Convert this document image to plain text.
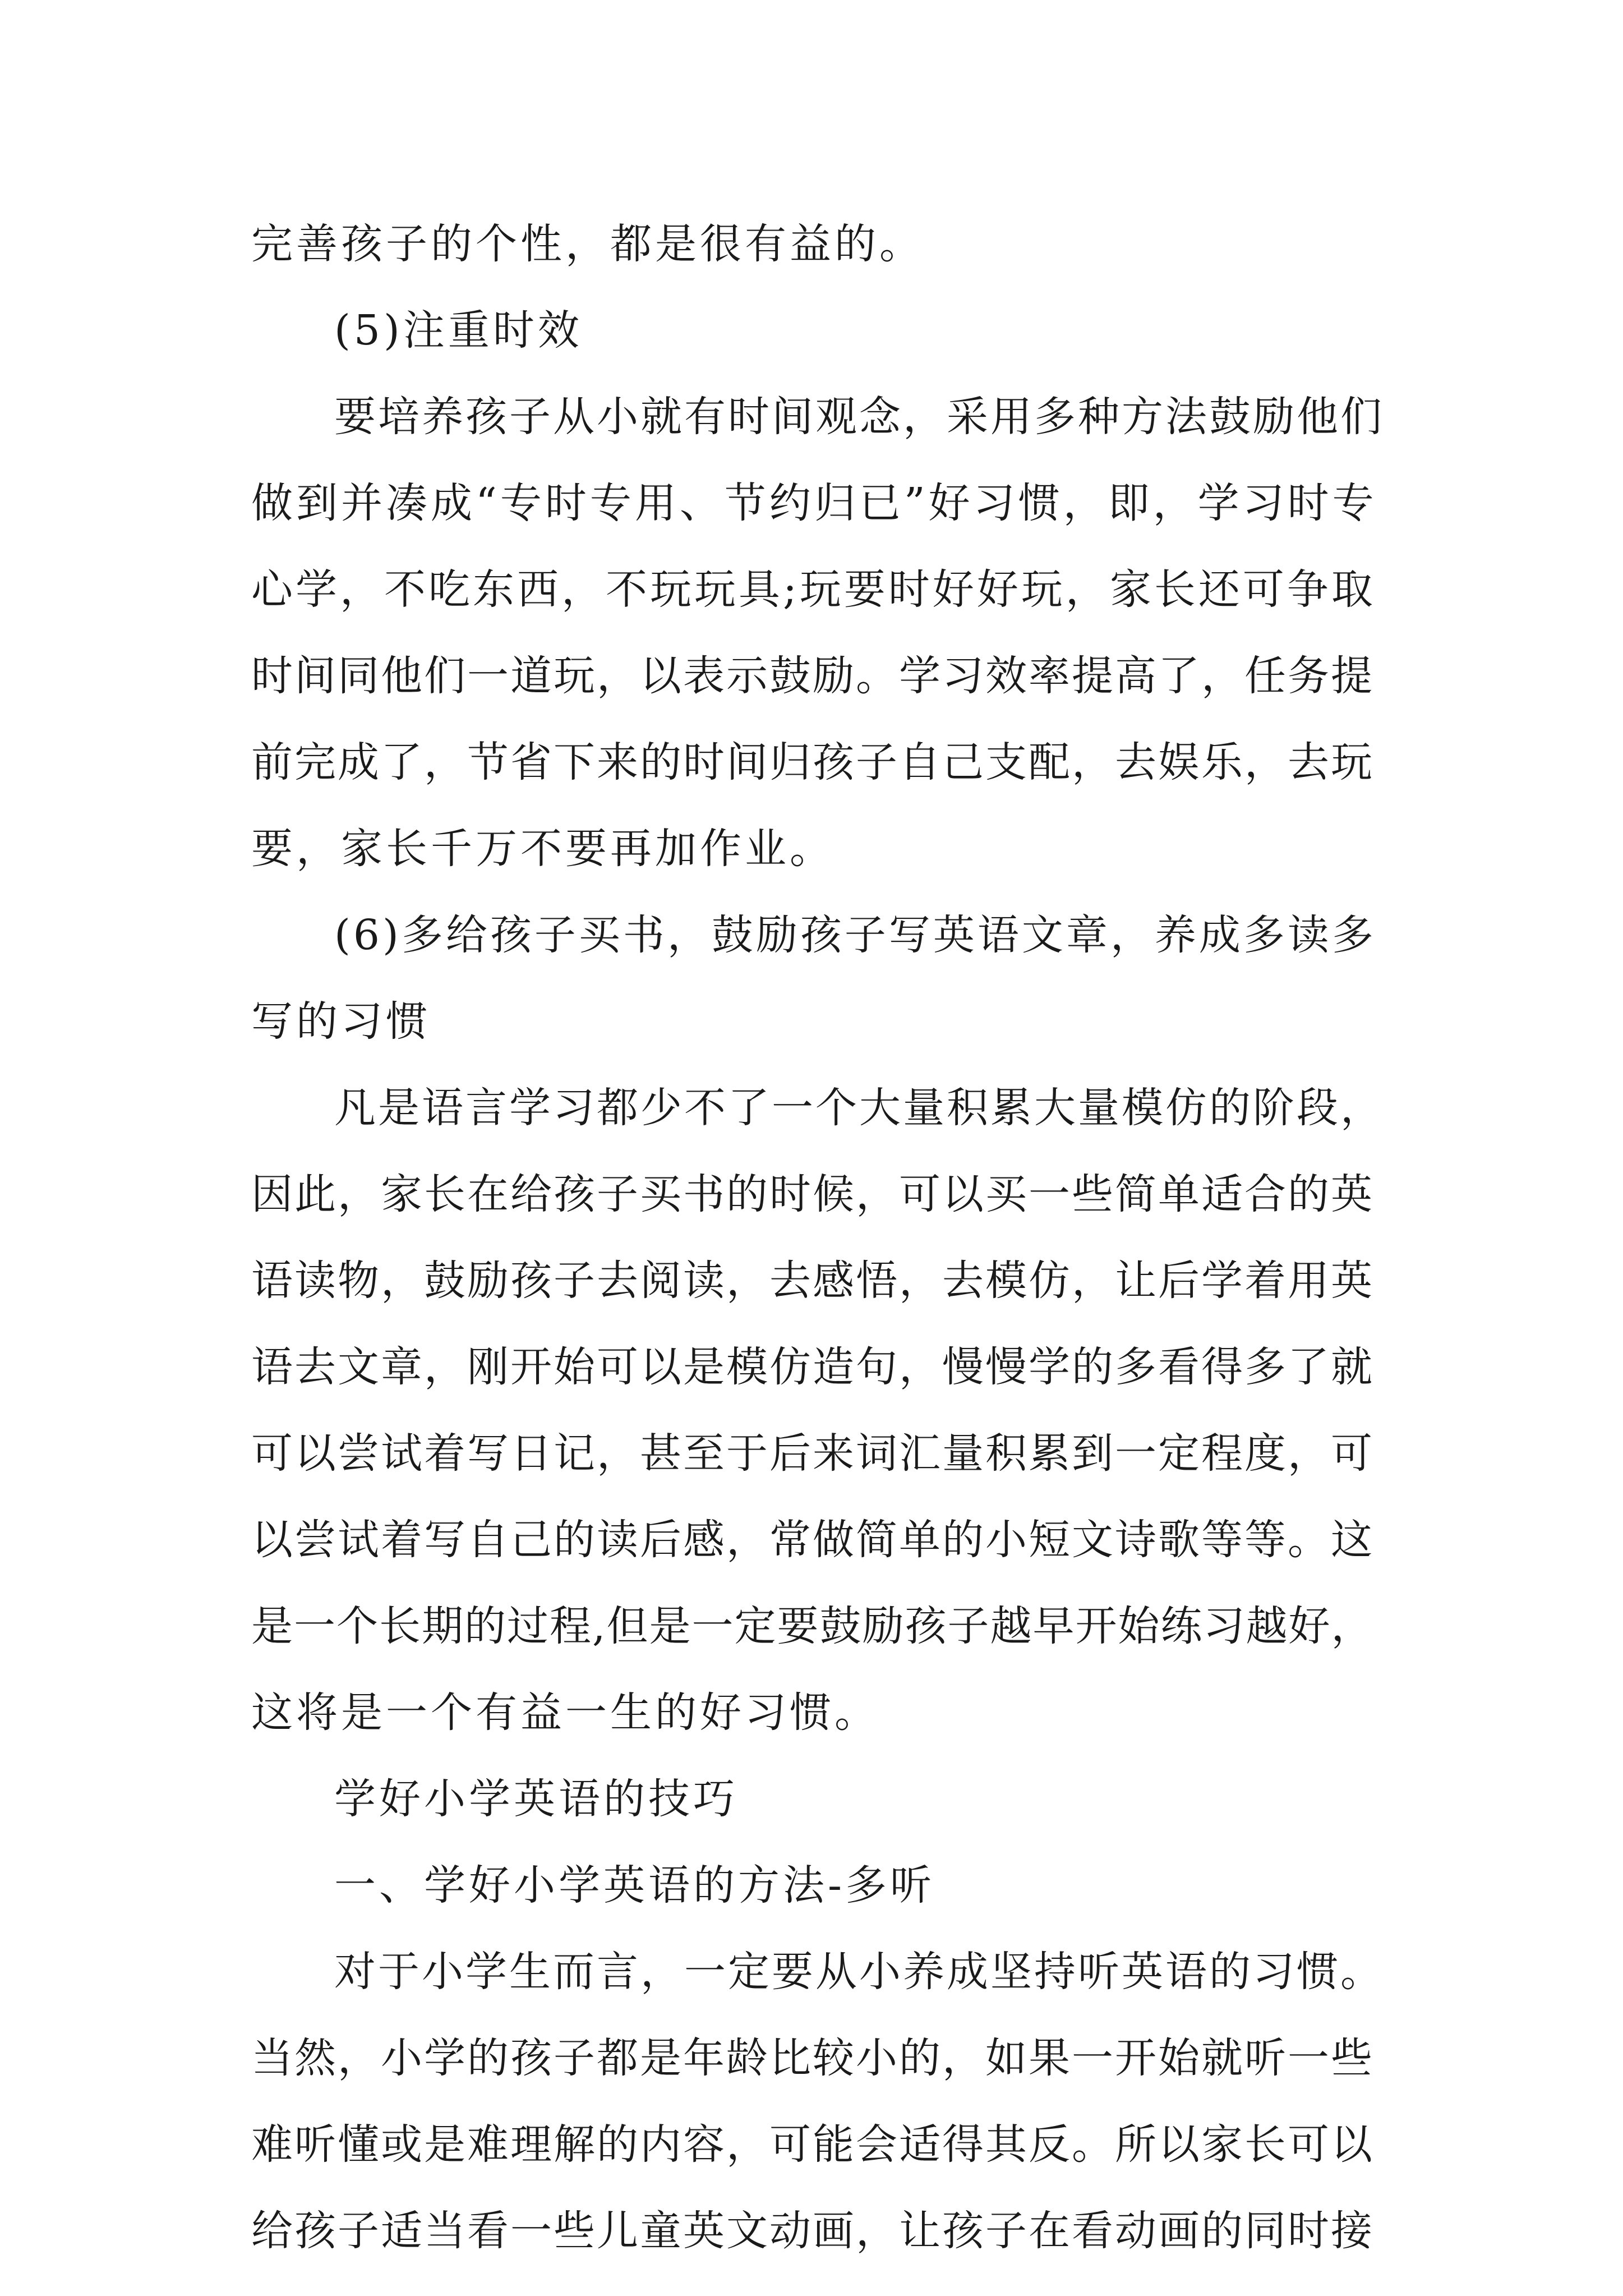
完善孩子的个性，都是很有益的。
(5)注重时效
要培养孩子从小就有时间观念，采用多种方法鼓励他们
做到并凑成“专时专用、节约归已”好习惯，即，学习时专
心学，不吃东西，不玩玩具;玩要时好好玩，家长还可争取
时间同他们一道玩，以表示鼓励。学习效率提高了，任务提
前完成了，节省下来的时间归孩子自己支配，去娱乐，去玩
要，家长千万不要再加作业。
(6)多给孩子买书，鼓励孩子写英语文章，养成多读多
写的习惯
凡是语言学习都少不了一个大量积累大量模仿的阶段，
因此，家长在给孩子买书的时候，可以买一些简单适合的英
语读物，鼓励孩子去阅读，去感悟，去模仿，让后学着用英
语去文章，刚开始可以是模仿造句，慢慢学的多看得多了就
可以尝试着写日记，甚至于后来词汇量积累到一定程度，可
以尝试着写自己的读后感，常做简单的小短文诗歌等等。这
是一个长期的过程,但是一定要鼓励孩子越早开始练习越好，
这将是一个有益一生的好习惯。
学好小学英语的技巧
一、学好小学英语的方法-多听
对于小学生而言，一定要从小养成坚持听英语的习惯。
当然，小学的孩子都是年龄比较小的，如果一开始就听一些
难听懂或是难理解的内容，可能会适得其反。所以家长可以
给孩子适当看一些儿童英文动画，让孩子在看动画的同时接
